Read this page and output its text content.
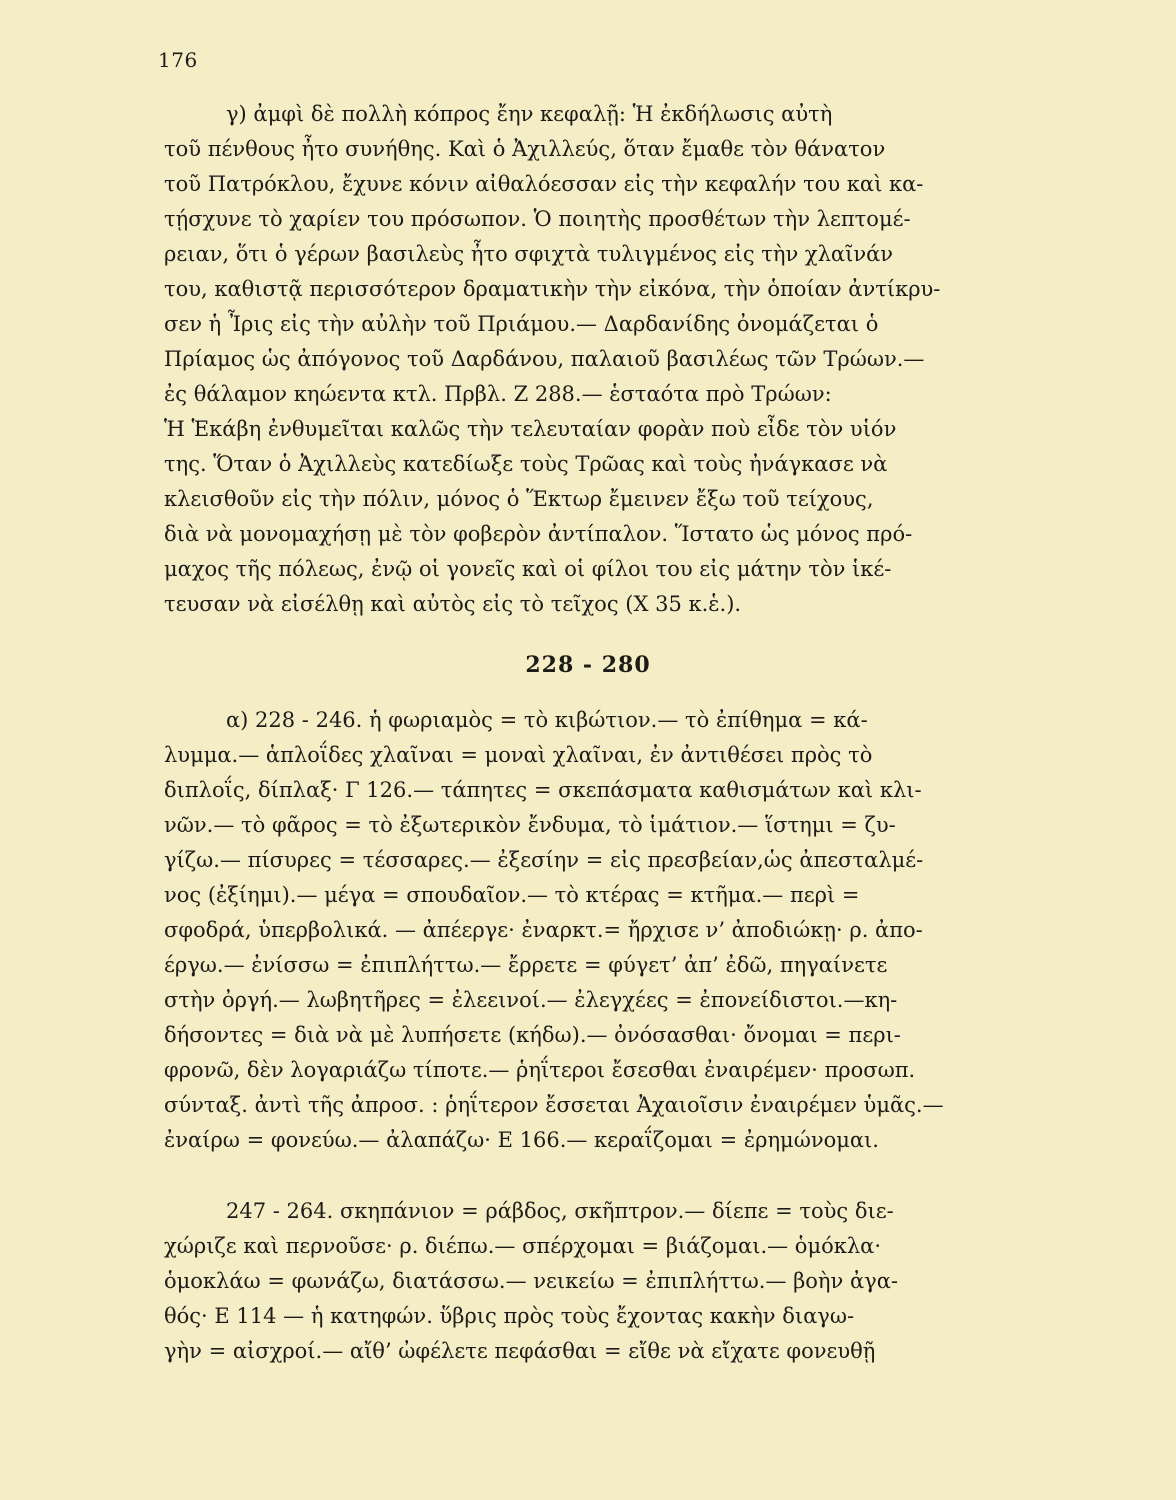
176
γ) ἀμφὶ δὲ πολλὴ κόπρος ἔην κεφαλῇ: Ἡ ἐκδήλωσις αὐτὴ
τοῦ πένθους ἦτο συνήθης. Καὶ ὁ Ἀχιλλεύς, ὅταν ἔμαθε τὸν θάνατον
τοῦ Πατρόκλου, ἔχυνε κόνιν αἰθαλόεσσαν εἰς τὴν κεφαλήν του καὶ κα-
τῄσχυνε τὸ χαρίεν του πρόσωπον. Ὁ ποιητὴς προσθέτων τὴν λεπτομέ-
ρειαν, ὅτι ὁ γέρων βασιλεὺς ἦτο σφιχτὰ τυλιγμένος εἰς τὴν χλαῖνάν
του, καθιστᾷ περισσότερον δραματικὴν τὴν εἰκόνα, τὴν ὁποίαν ἀντίκρυ-
σεν ἡ Ἶρις εἰς τὴν αὐλὴν τοῦ Πριάμου.— Δαρδανίδης ὀνομάζεται ὁ
Πρίαμος ὡς ἀπόγονος τοῦ Δαρδάνου, παλαιοῦ βασιλέως τῶν Τρώων.—
ἐς θάλαμον κηώεντα κτλ. Πρβλ. Ζ 288.— ἑσταότα πρὸ Τρώων:
Ἡ Ἑκάβη ἐνθυμεῖται καλῶς τὴν τελευταίαν φορὰν ποὺ εἶδε τὸν υἱόν
της. Ὅταν ὁ Ἀχιλλεὺς κατεδίωξε τοὺς Τρῶας καὶ τοὺς ἠνάγκασε νὰ
κλεισθοῦν εἰς τὴν πόλιν, μόνος ὁ Ἕκτωρ ἔμεινεν ἔξω τοῦ τείχους,
διὰ νὰ μονομαχήσῃ μὲ τὸν φοβερὸν ἀντίπαλον. Ἵστατο ὡς μόνος πρό-
μαχος τῆς πόλεως, ἐνῷ οἱ γονεῖς καὶ οἱ φίλοι του εἰς μάτην τὸν ἱκέ-
τευσαν νὰ εἰσέλθῃ καὶ αὐτὸς εἰς τὸ τεῖχος (Χ 35 κ.ἑ.).
228 - 280
α) 228 - 246. ἡ φωριαμὸς = τὸ κιβώτιον.— τὸ ἐπίθημα = κά-
λυμμα.— ἁπλοΐδες χλαῖναι = μοναὶ χλαῖναι, ἐν ἀντιθέσει πρὸς τὸ
διπλοΐς, δίπλαξ· Γ 126.— τάπητες = σκεπάσματα καθισμάτων καὶ κλι-
νῶν.— τὸ φᾶρος = τὸ ἐξωτερικὸν ἔνδυμα, τὸ ἱμάτιον.— ἵστημι = ζυ-
γίζω.— πίσυρες = τέσσαρες.— ἐξεσίην = εἰς πρεσβείαν,ὡς ἀπεσταλμέ-
νος (ἐξίημι).— μέγα = σπουδαῖον.— τὸ κτέρας = κτῆμα.— περὶ =
σφοδρά, ὑπερβολικά. — ἀπέεργε· ἐναρκτ.= ἤρχισε ν’ ἀποδιώκῃ· ρ. ἀπο-
έργω.— ἐνίσσω = ἐπιπλήττω.— ἔρρετε = φύγετ’ ἀπ’ ἐδῶ, πηγαίνετε
στὴν ὀργή.— λωβητῆρες = ἐλεεινοί.— ἐλεγχέες = ἐπονείδιστοι.—κη-
δήσοντες = διὰ νὰ μὲ λυπήσετε (κήδω).— ὀνόσασθαι· ὄνομαι = περι-
φρονῶ, δὲν λογαριάζω τίποτε.— ῥηΐτεροι ἔσεσθαι ἐναιρέμεν· προσωπ.
σύνταξ. ἀντὶ τῆς ἀπροσ. : ῥηΐτερον ἔσσεται Ἀχαιοῖσιν ἐναιρέμεν ὑμᾶς.—
ἐναίρω = φονεύω.— ἀλαπάζω· Ε 166.— κεραΐζομαι = ἐρημώνομαι.
247 - 264. σκηπάνιον = ράβδος, σκῆπτρον.— δίεπε = τοὺς διε-
χώριζε καὶ περνοῦσε· ρ. διέπω.— σπέρχομαι = βιάζομαι.— ὁμόκλα·
ὁμοκλάω = φωνάζω, διατάσσω.— νεικείω = ἐπιπλήττω.— βοὴν ἀγα-
θός· Ε 114 — ἡ κατηφών. ὕβρις πρὸς τοὺς ἔχοντας κακὴν διαγω-
γὴν = αἰσχροί.— αἴθ’ ὠφέλετε πεφάσθαι = εἴθε νὰ εἴχατε φονευθῇ
